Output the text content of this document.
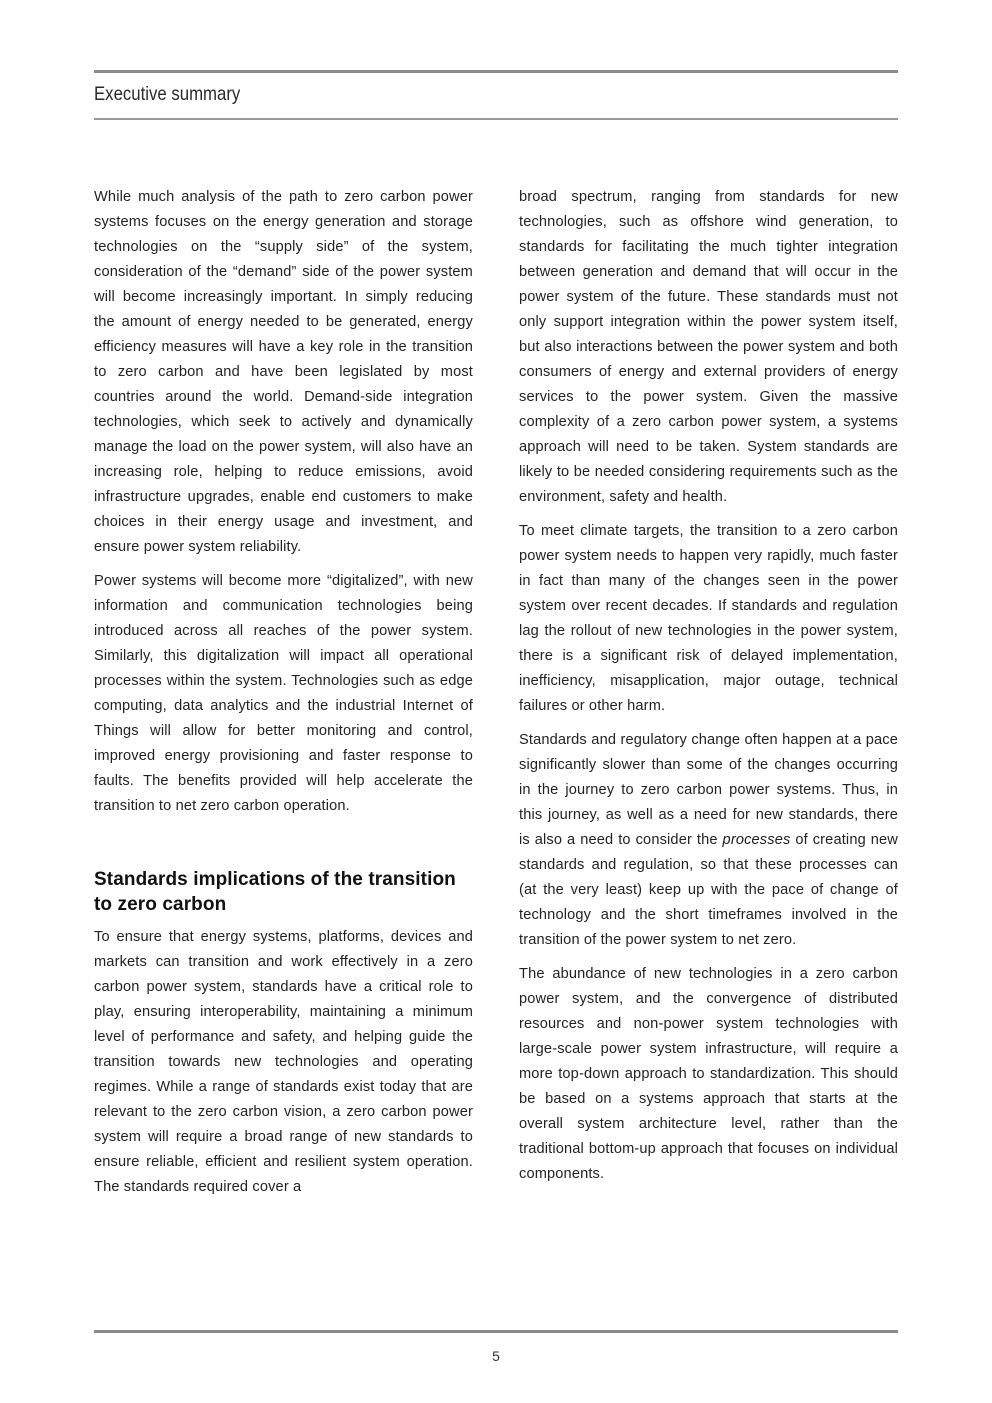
Executive summary

While much analysis of the path to zero carbon power systems focuses on the energy generation and storage technologies on the “supply side” of the system, consideration of the “demand” side of the power system will become increasingly important. In simply reducing the amount of energy needed to be generated, energy efficiency measures will have a key role in the transition to zero carbon and have been legislated by most countries around the world. Demand-side integration technologies, which seek to actively and dynamically manage the load on the power system, will also have an increasing role, helping to reduce emissions, avoid infrastructure upgrades, enable end customers to make choices in their energy usage and investment, and ensure power system reliability.

Power systems will become more “digitalized”, with new information and communication technologies being introduced across all reaches of the power system. Similarly, this digitalization will impact all operational processes within the system. Technologies such as edge computing, data analytics and the industrial Internet of Things will allow for better monitoring and control, improved energy provisioning and faster response to faults. The benefits provided will help accelerate the transition to net zero carbon operation.

Standards implications of the transition to zero carbon

To ensure that energy systems, platforms, devices and markets can transition and work effectively in a zero carbon power system, standards have a critical role to play, ensuring interoperability, maintaining a minimum level of performance and safety, and helping guide the transition towards new technologies and operating regimes. While a range of standards exist today that are relevant to the zero carbon vision, a zero carbon power system will require a broad range of new standards to ensure reliable, efficient and resilient system operation. The standards required cover a

broad spectrum, ranging from standards for new technologies, such as offshore wind generation, to standards for facilitating the much tighter integration between generation and demand that will occur in the power system of the future. These standards must not only support integration within the power system itself, but also interactions between the power system and both consumers of energy and external providers of energy services to the power system. Given the massive complexity of a zero carbon power system, a systems approach will need to be taken. System standards are likely to be needed considering requirements such as the environment, safety and health.

To meet climate targets, the transition to a zero carbon power system needs to happen very rapidly, much faster in fact than many of the changes seen in the power system over recent decades. If standards and regulation lag the rollout of new technologies in the power system, there is a significant risk of delayed implementation, inefficiency, misapplication, major outage, technical failures or other harm.

Standards and regulatory change often happen at a pace significantly slower than some of the changes occurring in the journey to zero carbon power systems. Thus, in this journey, as well as a need for new standards, there is also a need to consider the processes of creating new standards and regulation, so that these processes can (at the very least) keep up with the pace of change of technology and the short timeframes involved in the transition of the power system to net zero.

The abundance of new technologies in a zero carbon power system, and the convergence of distributed resources and non-power system technologies with large-scale power system infrastructure, will require a more top-down approach to standardization. This should be based on a systems approach that starts at the overall system architecture level, rather than the traditional bottom-up approach that focuses on individual components.

5
